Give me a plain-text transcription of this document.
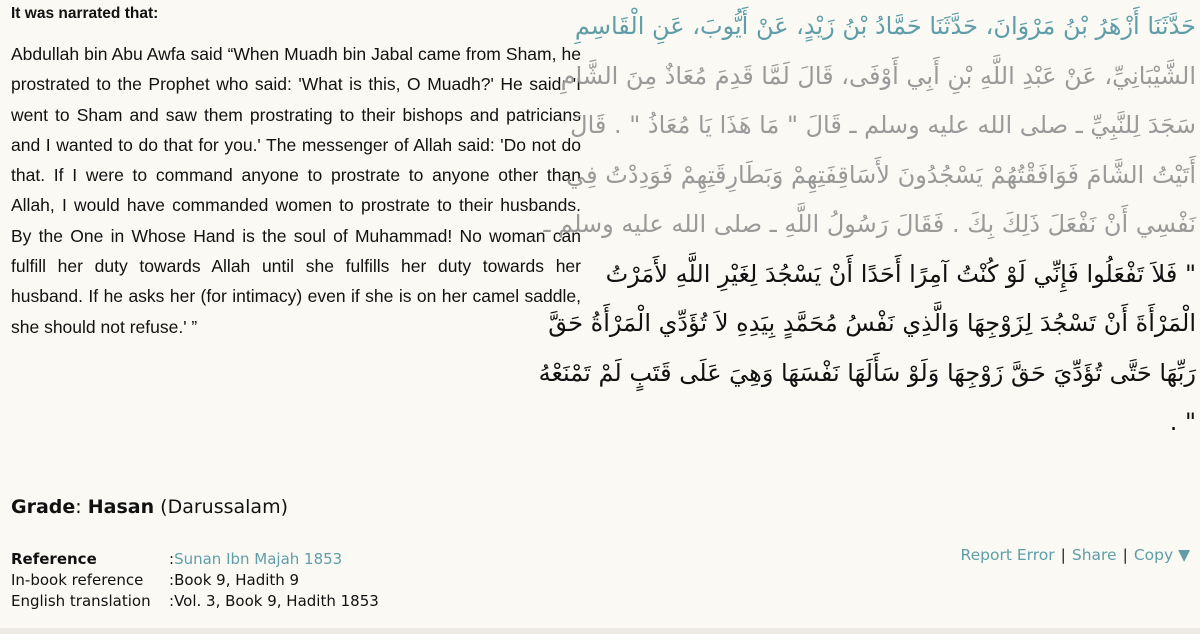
It was narrated that:

Abdullah bin Abu Awfa said “When Muadh bin Jabal came from Sham, he prostrated to the Prophet who said: 'What is this, O Muadh?' He said: 'I went to Sham and saw them prostrating to their bishops and patricians and I wanted to do that for you.' The messenger of Allah said: 'Do not do that. If I were to command anyone to prostrate to anyone other than Allah, I would have commanded women to prostrate to their husbands. By the One in Whose Hand is the soul of Muhammad! No woman can fulfill her duty towards Allah until she fulfills her duty towards her husband. If he asks her (for intimacy) even if she is on her camel saddle, she should not refuse.' ”

حَدَّثَنَا أَزْهَرُ بْنُ مَرْوَانَ، حَدَّثَنَا حَمَّادُ بْنُ زَيْدٍ، عَنْ أَيُّوبَ، عَنِ الْقَاسِمِ
الشَّيْبَانِيِّ، عَنْ عَبْدِ اللَّهِ بْنِ أَبِي أَوْفَى، قَالَ لَمَّا قَدِمَ مُعَاذٌ مِنَ الشَّامِ
سَجَدَ لِلنَّبِيِّ ـ صلى الله عليه وسلم ـ قَالَ " مَا هَذَا يَا مُعَاذُ " . قَالَ
أَتَيْتُ الشَّامَ فَوَافَقْتُهُمْ يَسْجُدُونَ لأَسَاقِفَتِهِمْ وَبَطَارِقَتِهِمْ فَوَدِدْتُ فِي
نَفْسِي أَنْ نَفْعَلَ ذَلِكَ بِكَ . فَقَالَ رَسُولُ اللَّهِ ـ صلى الله عليه وسلم ـ
" فَلاَ تَفْعَلُوا فَإِنِّي لَوْ كُنْتُ آمِرًا أَحَدًا أَنْ يَسْجُدَ لِغَيْرِ اللَّهِ لأَمَرْتُ
الْمَرْأَةَ أَنْ تَسْجُدَ لِزَوْجِهَا وَالَّذِي نَفْسُ مُحَمَّدٍ بِيَدِهِ لاَ تُؤَدِّي الْمَرْأَةُ حَقَّ
رَبِّهَا حَتَّى تُؤَدِّيَ حَقَّ زَوْجِهَا وَلَوْ سَأَلَهَا نَفْسَهَا وَهِيَ عَلَى قَتَبٍ لَمْ تَمْنَعْهُ
" .
Grade: Hasan (Darussalam)
Reference	: Sunan Ibn Majah 1853
In-book reference	: Book 9, Hadith 9
English translation	: Vol. 3, Book 9, Hadith 1853
Report Error | Share | Copy ▼
